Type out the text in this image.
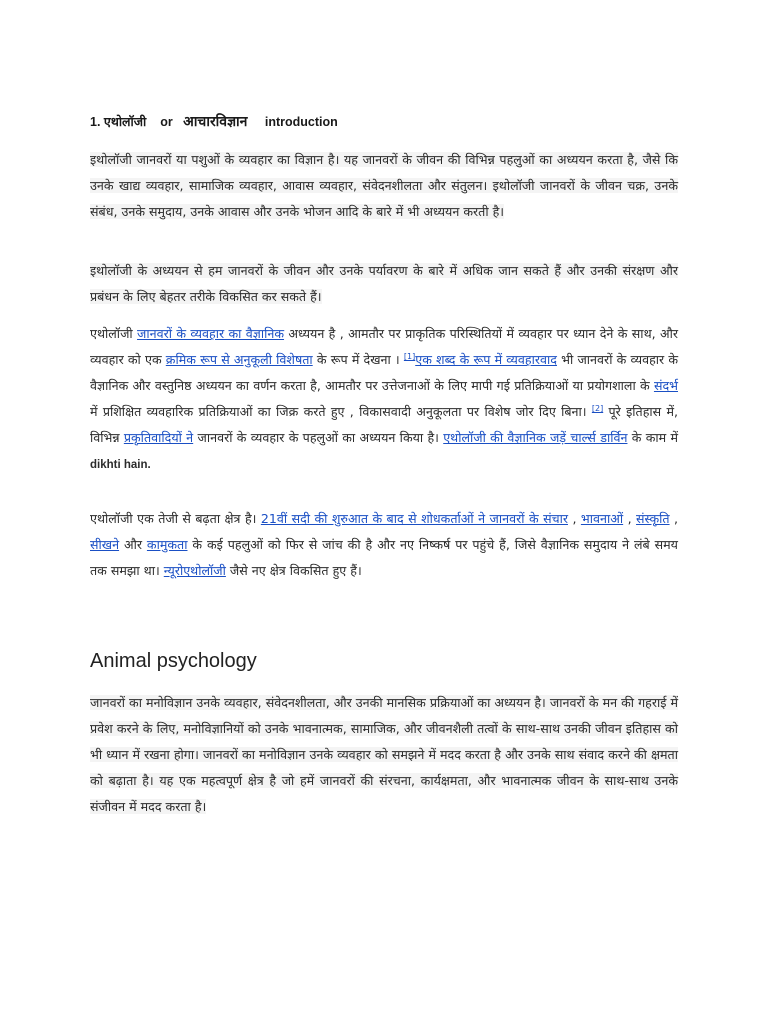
1. एथोलॉजी or आचारविज्ञान introduction

इथोलॉजी जानवरों या पशुओं के व्यवहार का विज्ञान है। यह जानवरों के जीवन की विभिन्न पहलुओं का अध्ययन करता है, जैसे कि उनके खाद्य व्यवहार, सामाजिक व्यवहार, आवास व्यवहार, संवेदनशीलता और संतुलन। इथोलॉजी जानवरों के जीवन चक्र, उनके संबंध, उनके समुदाय, उनके आवास और उनके भोजन आदि के बारे में भी अध्ययन करती है।

इथोलॉजी के अध्ययन से हम जानवरों के जीवन और उनके पर्यावरण के बारे में अधिक जान सकते हैं और उनकी संरक्षण और प्रबंधन के लिए बेहतर तरीके विकसित कर सकते हैं।

एथोलॉजी जानवरों के व्यवहार का वैज्ञानिक अध्ययन है , आमतौर पर प्राकृतिक परिस्थितियों में व्यवहार पर ध्यान देने के साथ, और व्यवहार को एक क्रमिक रूप से अनुकूली विशेषता के रूप में देखना । [1]एक शब्द के रूप में व्यवहारवाद भी जानवरों के व्यवहार के वैज्ञानिक और वस्तुनिष्ठ अध्ययन का वर्णन करता है, आमतौर पर उत्तेजनाओं के लिए मापी गई प्रतिक्रियाओं या प्रयोगशाला के संदर्भ में प्रशिक्षित व्यवहारिक प्रतिक्रियाओं का जिक्र करते हुए , विकासवादी अनुकूलता पर विशेष जोर दिए बिना। [2] पूरे इतिहास में, विभिन्न प्रकृतिवादियों ने जानवरों के व्यवहार के पहलुओं का अध्ययन किया है। एथोलॉजी की वैज्ञानिक जड़ें चार्ल्स डार्विन के काम में dikhti hain.

एथोलॉजी एक तेजी से बढ़ता क्षेत्र है। 21वीं सदी की शुरुआत के बाद से शोधकर्ताओं ने जानवरों के संचार , भावनाओं , संस्कृति , सीखने और कामुकता के कई पहलुओं को फिर से जांच की है और नए निष्कर्ष पर पहुंचे हैं, जिसे वैज्ञानिक समुदाय ने लंबे समय तक समझा था। न्यूरोएथोलॉजी जैसे नए क्षेत्र विकसित हुए हैं।

Animal psychology

जानवरों का मनोविज्ञान उनके व्यवहार, संवेदनशीलता, और उनकी मानसिक प्रक्रियाओं का अध्ययन है। जानवरों के मन की गहराई में प्रवेश करने के लिए, मनोविज्ञानियों को उनके भावनात्मक, सामाजिक, और जीवनशैली तत्वों के साथ-साथ उनकी जीवन इतिहास को भी ध्यान में रखना होगा। जानवरों का मनोविज्ञान उनके व्यवहार को समझने में मदद करता है और उनके साथ संवाद करने की क्षमता को बढ़ाता है। यह एक महत्वपूर्ण क्षेत्र है जो हमें जानवरों की संरचना, कार्यक्षमता, और भावनात्मक जीवन के साथ-साथ उनके संजीवन में मदद करता है।
